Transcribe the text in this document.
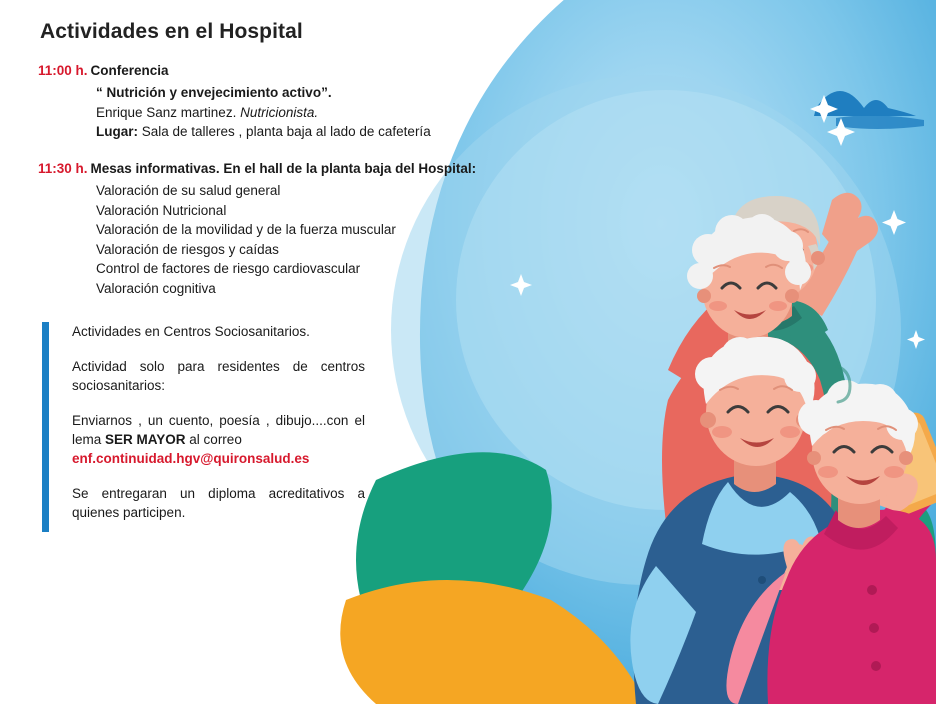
Actividades en el Hospital
11:00 h. Conferencia
“ Nutrición y envejecimiento activo”.
Enrique Sanz martinez. Nutricionista.
Lugar: Sala de talleres , planta baja al lado de cafetería
11:30 h. Mesas informativas. En el hall de la planta baja del Hospital:
Valoración de su salud general
Valoración Nutricional
Valoración de la movilidad y de la fuerza muscular
Valoración de riesgos y caídas
Control de factores de riesgo cardiovascular
Valoración cognitiva
Actividades en Centros Sociosanitarios.
Actividad solo para residentes de centros sociosanitarios:
Enviarnos , un cuento, poesía , dibujo....con el lema SER MAYOR al correo
enf.continuidad.hgv@quironsalud.es
Se entregaran un diploma acreditativos a quienes participen.
